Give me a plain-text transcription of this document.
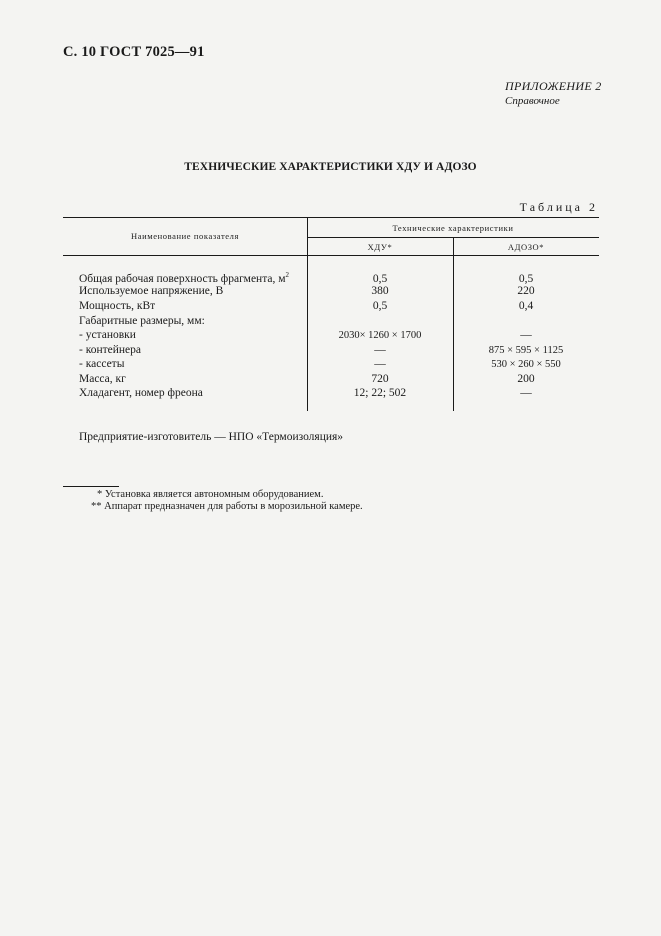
С. 10 ГОСТ 7025—91
ПРИЛОЖЕНИЕ 2
Справочное
ТЕХНИЧЕСКИЕ ХАРАКТЕРИСТИКИ ХДУ И АДОЗО
Таблица 2
Наименование показателя
Технические характеристики
ХДУ*	АДОЗО*
Общая рабочая поверхность фрагмента, $м^2$	0,5	0,5
Используемое напряжение, В	380	220
Мощность, кВт	0,5	0,4
Габаритные размеры, мм:
- установки	2030× 1260 × 1700	—
- контейнера	—	875 × 595 × 1125
- кассеты	—	530 × 260 × 550
Масса, кг	720	200
Хладагент, номер фреона	12; 22; 502	—
Предприятие-изготовитель — НПО «Термоизоляция»
* Установка является автономным оборудованием.
** Аппарат предназначен для работы в морозильной камере.
